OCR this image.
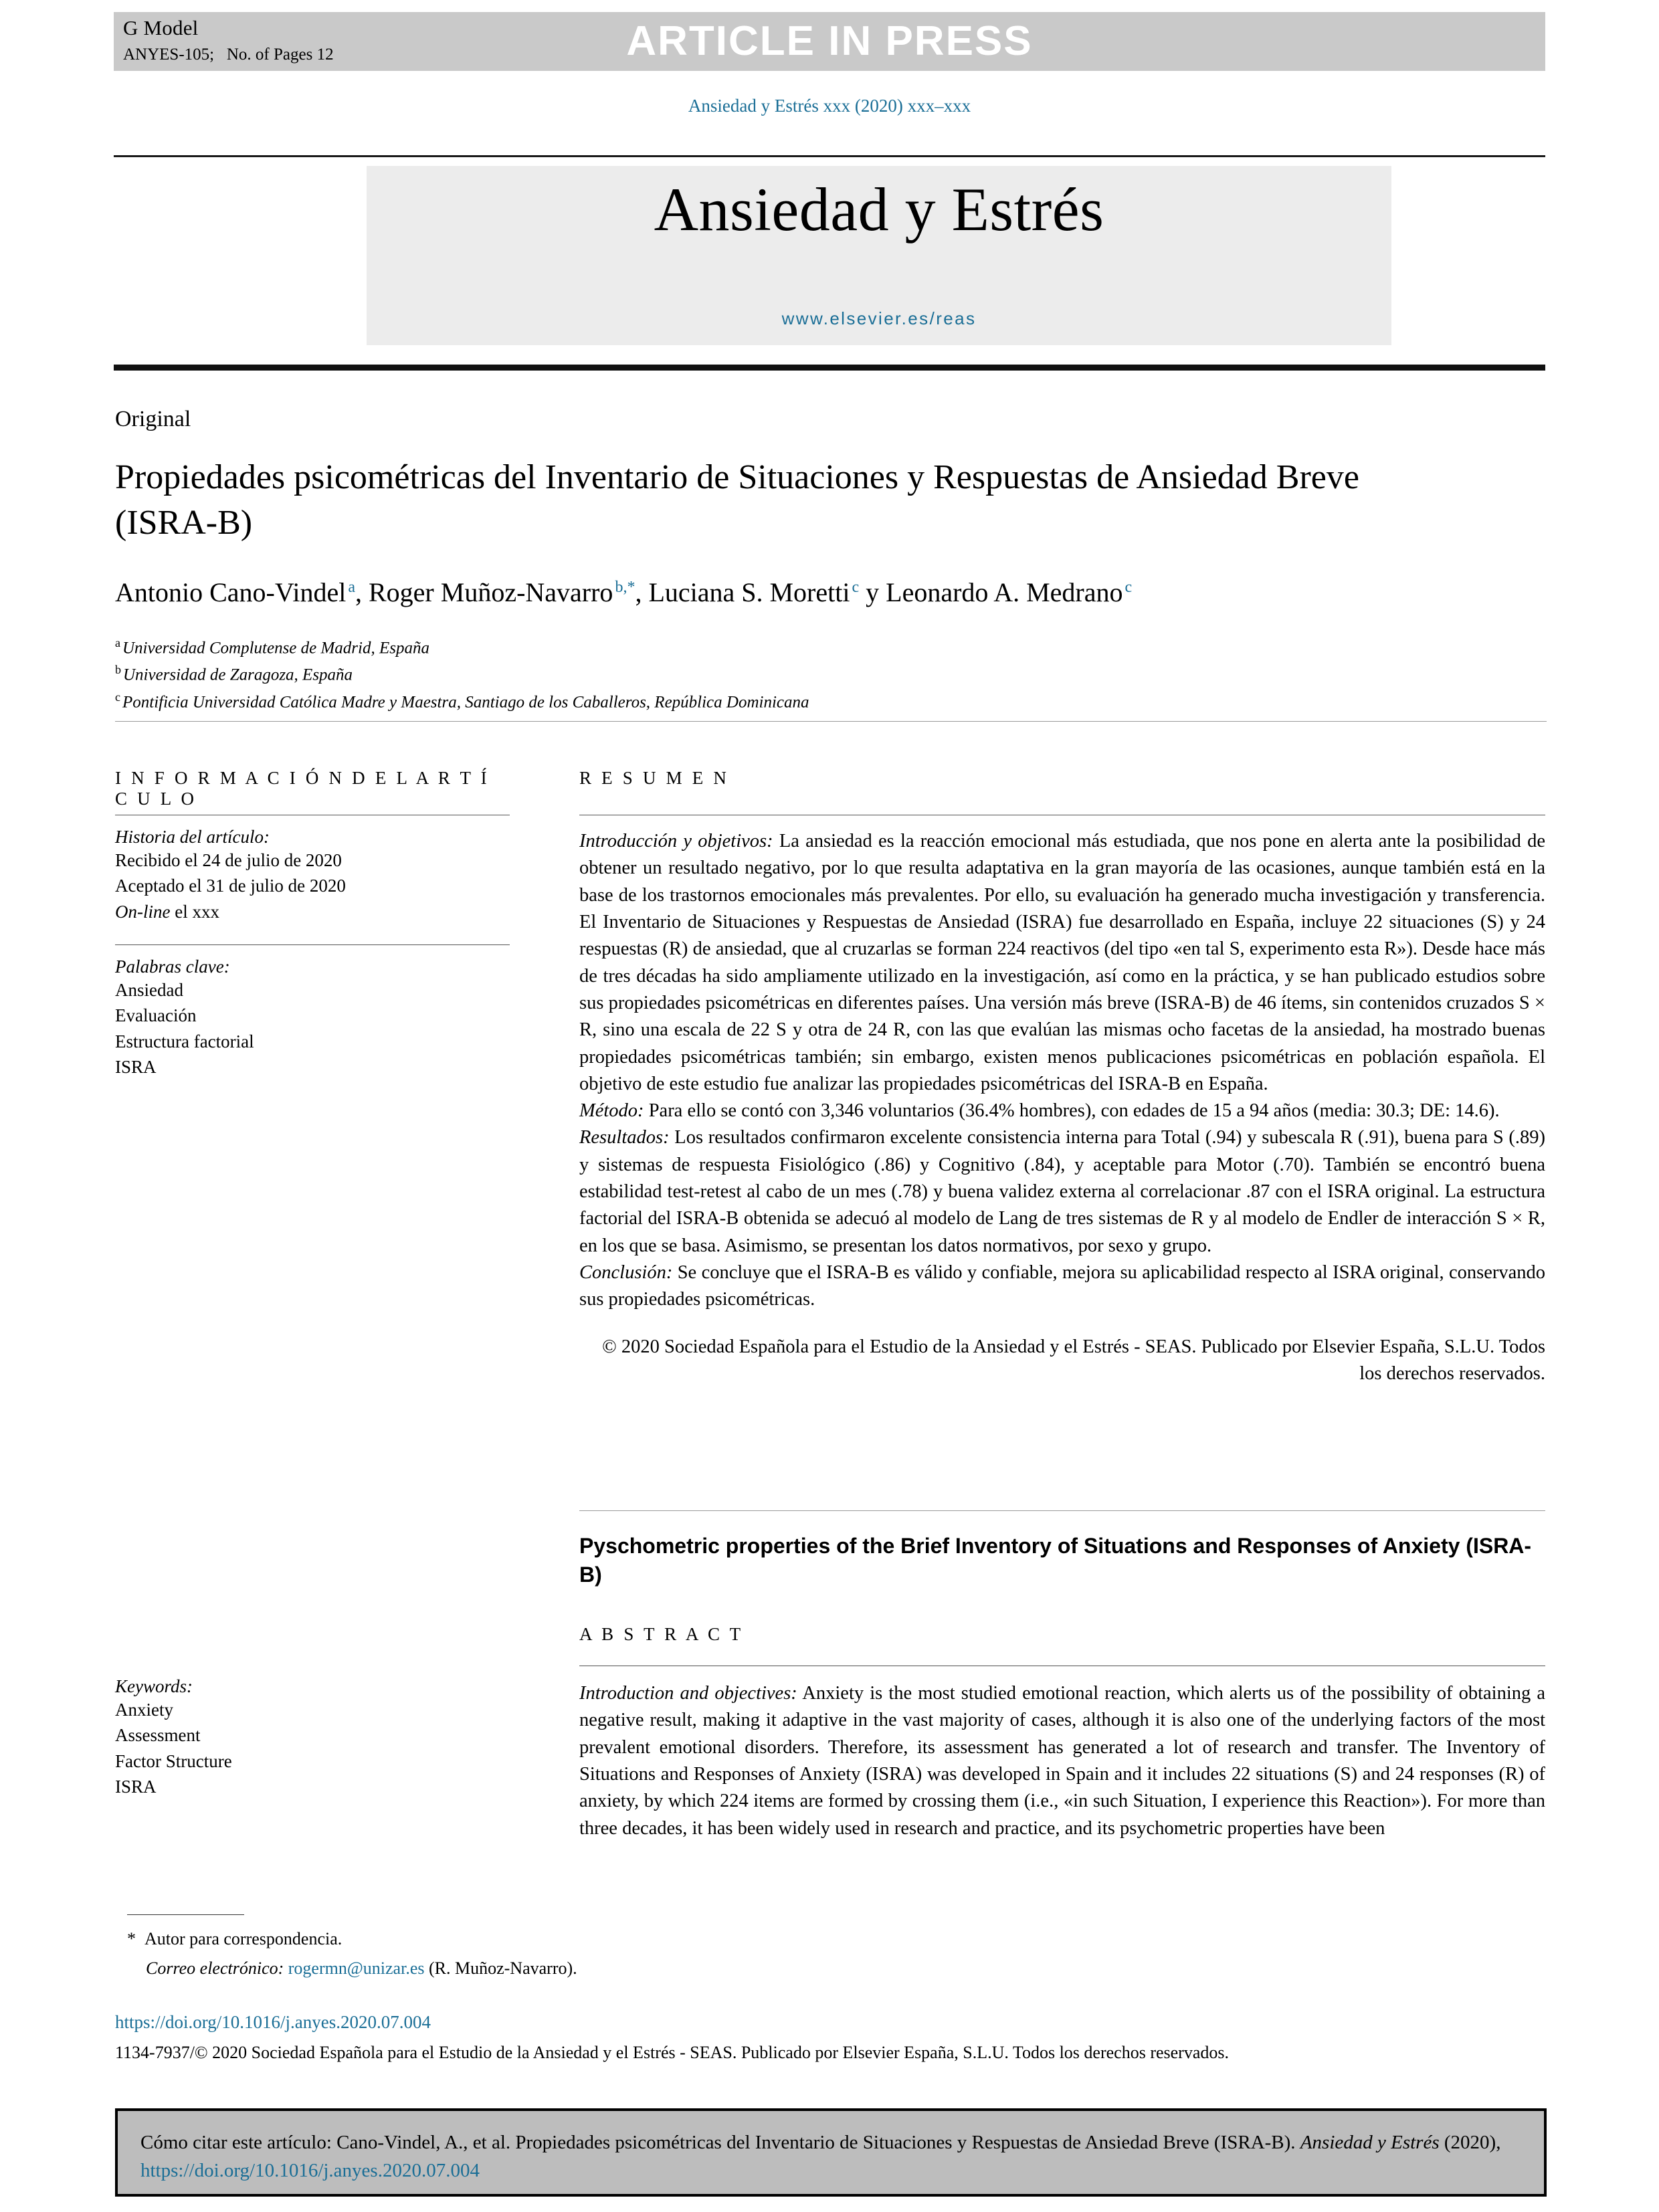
G Model
ANYES-105;   No. of Pages 12	ARTICLE IN PRESS
Ansiedad y Estrés xxx (2020) xxx–xxx
Ansiedad y Estrés
www.elsevier.es/reas
Original
Propiedades psicométricas del Inventario de Situaciones y Respuestas de Ansiedad Breve (ISRA-B)
Antonio Cano-Vindel $^a$, Roger Muñoz-Navarro $^{b,*}$, Luciana S. Moretti $^c$ y Leonardo A. Medrano $^c$
$^a$ Universidad Complutense de Madrid, España
$^b$ Universidad de Zaragoza, España
$^c$ Pontificia Universidad Católica Madre y Maestra, Santiago de los Caballeros, República Dominicana
I N F O R M A C I Ó N D E L A R T Í C U L O
Historia del artículo:
Recibido el 24 de julio de 2020
Aceptado el 31 de julio de 2020
On-line el xxx
Palabras clave:
Ansiedad
Evaluación
Estructura factorial
ISRA
Keywords:
Anxiety
Assessment
Factor Structure
ISRA
R E S U M E N
Introducción y objetivos: La ansiedad es la reacción emocional más estudiada, que nos pone en alerta ante la posibilidad de obtener un resultado negativo, por lo que resulta adaptativa en la gran mayoría de las ocasiones, aunque también está en la base de los trastornos emocionales más prevalentes. Por ello, su evaluación ha generado mucha investigación y transferencia. El Inventario de Situaciones y Respuestas de Ansiedad (ISRA) fue desarrollado en España, incluye 22 situaciones (S) y 24 respuestas (R) de ansiedad, que al cruzarlas se forman 224 reactivos (del tipo «en tal S, experimento esta R»). Desde hace más de tres décadas ha sido ampliamente utilizado en la investigación, así como en la práctica, y se han publicado estudios sobre sus propiedades psicométricas en diferentes países. Una versión más breve (ISRA-B) de 46 ítems, sin contenidos cruzados S × R, sino una escala de 22 S y otra de 24 R, con las que evalúan las mismas ocho facetas de la ansiedad, ha mostrado buenas propiedades psicométricas también; sin embargo, existen menos publicaciones psicométricas en población española. El objetivo de este estudio fue analizar las propiedades psicométricas del ISRA-B en España.
Método: Para ello se contó con 3,346 voluntarios (36.4% hombres), con edades de 15 a 94 años (media: 30.3; DE: 14.6).
Resultados: Los resultados confirmaron excelente consistencia interna para Total (.94) y subescala R (.91), buena para S (.89) y sistemas de respuesta Fisiológico (.86) y Cognitivo (.84), y aceptable para Motor (.70). También se encontró buena estabilidad test-retest al cabo de un mes (.78) y buena validez externa al correlacionar .87 con el ISRA original. La estructura factorial del ISRA-B obtenida se adecuó al modelo de Lang de tres sistemas de R y al modelo de Endler de interacción S × R, en los que se basa. Asimismo, se presentan los datos normativos, por sexo y grupo.
Conclusión: Se concluye que el ISRA-B es válido y confiable, mejora su aplicabilidad respecto al ISRA original, conservando sus propiedades psicométricas.
© 2020 Sociedad Española para el Estudio de la Ansiedad y el Estrés - SEAS. Publicado por Elsevier España, S.L.U. Todos los derechos reservados.
Pyschometric properties of the Brief Inventory of Situations and Responses of Anxiety (ISRA-B)
A B S T R A C T
Introduction and objectives: Anxiety is the most studied emotional reaction, which alerts us of the possibility of obtaining a negative result, making it adaptive in the vast majority of cases, although it is also one of the underlying factors of the most prevalent emotional disorders. Therefore, its assessment has generated a lot of research and transfer. The Inventory of Situations and Responses of Anxiety (ISRA) was developed in Spain and it includes 22 situations (S) and 24 responses (R) of anxiety, by which 224 items are formed by crossing them (i.e., «in such Situation, I experience this Reaction»). For more than three decades, it has been widely used in research and practice, and its psychometric properties have been
* Autor para correspondencia.
Correo electrónico: rogermn@unizar.es (R. Muñoz-Navarro).
https://doi.org/10.1016/j.anyes.2020.07.004
1134-7937/© 2020 Sociedad Española para el Estudio de la Ansiedad y el Estrés - SEAS. Publicado por Elsevier España, S.L.U. Todos los derechos reservados.
Cómo citar este artículo: Cano-Vindel, A., et al. Propiedades psicométricas del Inventario de Situaciones y Respuestas de Ansiedad Breve (ISRA-B). Ansiedad y Estrés (2020), https://doi.org/10.1016/j.anyes.2020.07.004
